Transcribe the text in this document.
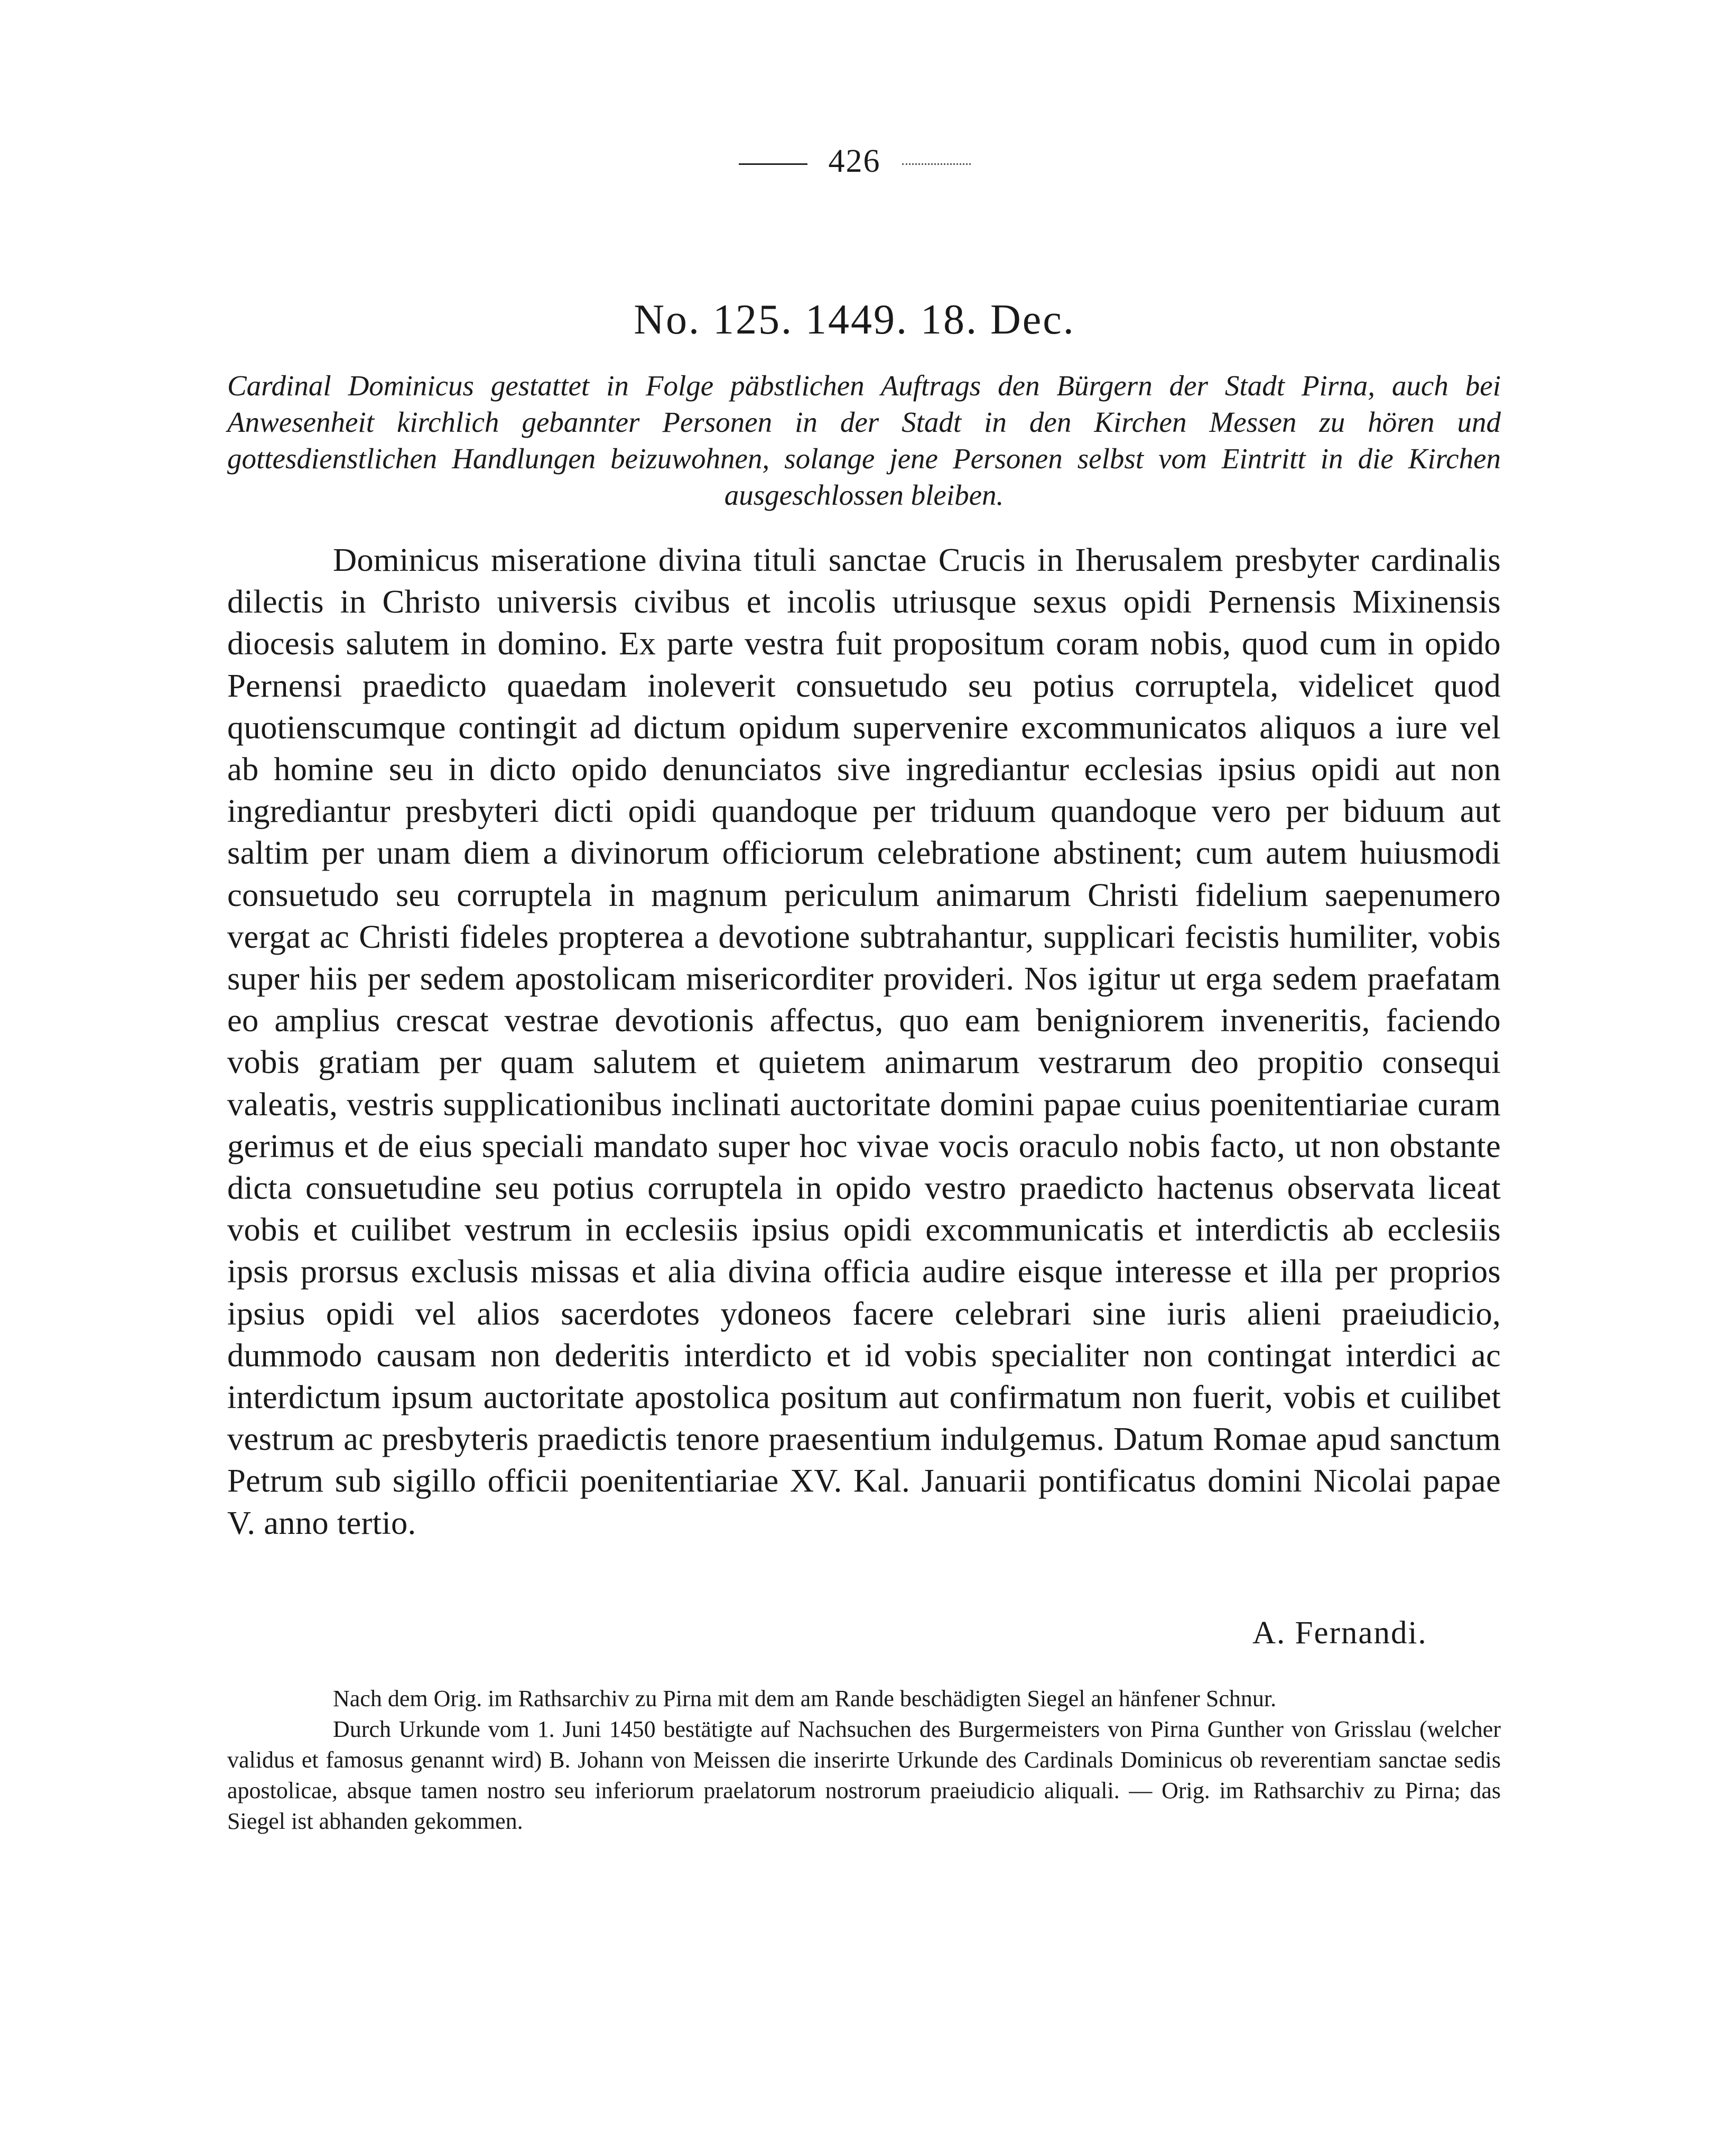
426
No. 125. 1449. 18. Dec.
Cardinal Dominicus gestattet in Folge päbstlichen Auftrags den Bürgern der Stadt Pirna, auch bei Anwesenheit kirchlich gebannter Personen in der Stadt in den Kirchen Messen zu hören und gottesdienstlichen Handlungen beizuwohnen, solange jene Personen selbst vom Eintritt in die Kirchen ausgeschlossen bleiben.
Dominicus miseratione divina tituli sanctae Crucis in Iherusalem presbyter cardinalis dilectis in Christo universis civibus et incolis utriusque sexus opidi Pernensis Mixinensis diocesis salutem in domino. Ex parte vestra fuit propositum coram nobis, quod cum in opido Pernensi praedicto quaedam inoleverit consuetudo seu potius corruptela, videlicet quod quotienscumque contingit ad dictum opidum supervenire excommunicatos aliquos a iure vel ab homine seu in dicto opido denunciatos sive ingrediantur ecclesias ipsius opidi aut non ingrediantur presbyteri dicti opidi quandoque per triduum quandoque vero per biduum aut saltim per unam diem a divinorum officiorum celebratione abstinent; cum autem huiusmodi consuetudo seu corruptela in magnum periculum animarum Christi fidelium saepenumero vergat ac Christi fideles propterea a devotione subtrahantur, supplicari fecistis humiliter, vobis super hiis per sedem apostolicam misericorditer provideri. Nos igitur ut erga sedem praefatam eo amplius crescat vestrae devotionis affectus, quo eam benigniorem inveneritis, faciendo vobis gratiam per quam salutem et quietem animarum vestrarum deo propitio consequi valeatis, vestris supplicationibus inclinati auctoritate domini papae cuius poenitentiariae curam gerimus et de eius speciali mandato super hoc vivae vocis oraculo nobis facto, ut non obstante dicta consuetudine seu potius corruptela in opido vestro praedicto hactenus observata liceat vobis et cuilibet vestrum in ecclesiis ipsius opidi excommunicatis et interdictis ab ecclesiis ipsis prorsus exclusis missas et alia divina officia audire eisque interesse et illa per proprios ipsius opidi vel alios sacerdotes ydoneos facere celebrari sine iuris alieni praeiudicio, dummodo causam non dederitis interdicto et id vobis specialiter non contingat interdici ac interdictum ipsum auctoritate apostolica positum aut confirmatum non fuerit, vobis et cuilibet vestrum ac presbyteris praedictis tenore praesentium indulgemus. Datum Romae apud sanctum Petrum sub sigillo officii poenitentiariae XV. Kal. Januarii pontificatus domini Nicolai papae V. anno tertio.
A. Fernandi.

Nach dem Orig. im Rathsarchiv zu Pirna mit dem am Rande beschädigten Siegel an hänfener Schnur.

Durch Urkunde vom 1. Juni 1450 bestätigte auf Nachsuchen des Burgermeisters von Pirna Gunther von Grisslau (welcher validus et famosus genannt wird) B. Johann von Meissen die inserirte Urkunde des Cardinals Dominicus ob reverentiam sanctae sedis apostolicae, absque tamen nostro seu inferiorum praelatorum nostrorum praeiudicio aliquali. — Orig. im Rathsarchiv zu Pirna; das Siegel ist abhanden gekommen.
